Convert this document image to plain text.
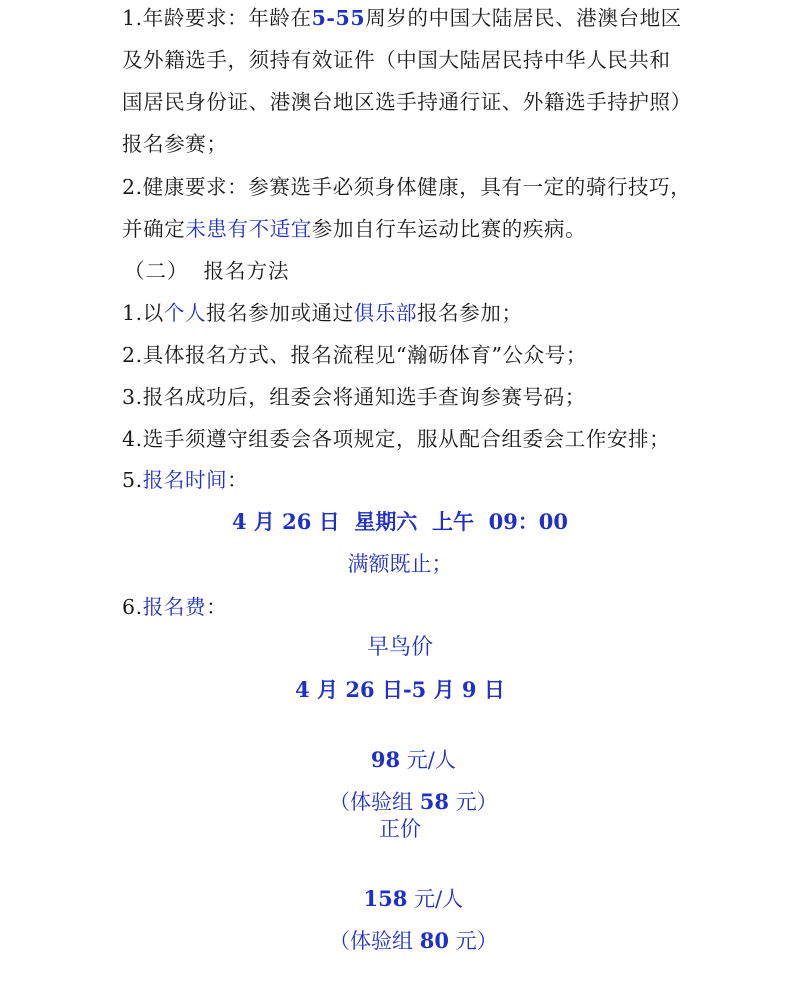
1.年龄要求：年龄在5-55周岁的中国大陆居民、港澳台地区
及外籍选手，须持有效证件（中国大陆居民持中华人民共和
国居民身份证、港澳台地区选手持通行证、外籍选手持护照）
报名参赛；
2.健康要求：参赛选手必须身体健康，具有一定的骑行技巧，
并确定未患有不适宜参加自行车运动比赛的疾病。
（二）  报名方法
1.以个人报名参加或通过俱乐部报名参加；
2.具体报名方式、报名流程见“瀚砺体育”公众号；
3.报名成功后，组委会将通知选手查询参赛号码；
4.选手须遵守组委会各项规定，服从配合组委会工作安排；
5.报名时间：
4 月 26 日  星期六  上午  09：00
满额既止；
6.报名费：
早鸟价
4 月 26 日-5 月 9 日

98 元/人

（体验组 58 元）

正价

158 元/人

（体验组 80 元）
